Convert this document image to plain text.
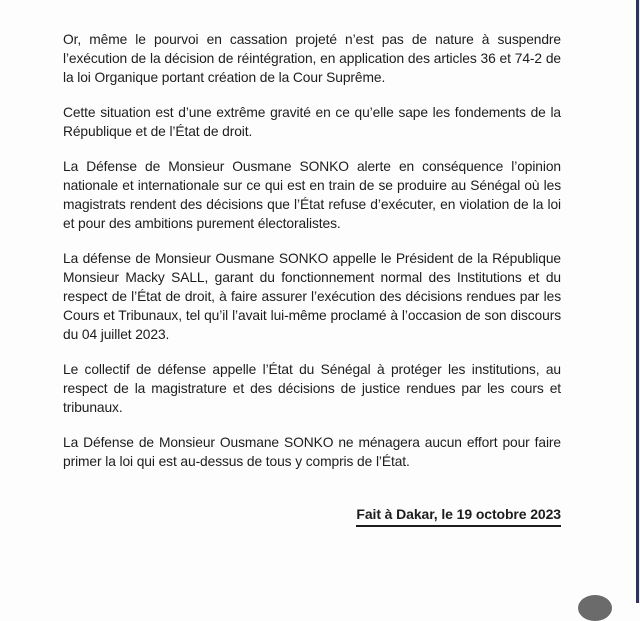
Or, même le pourvoi en cassation projeté n’est pas de nature à suspendre l’exécution de la décision de réintégration, en application des articles 36 et 74-2 de la loi Organique portant création de la Cour Suprême.

Cette situation est d’une extrême gravité en ce qu’elle sape les fondements de la République et de l’État de droit.

La Défense de Monsieur Ousmane SONKO alerte en conséquence l’opinion nationale et internationale sur ce qui est en train de se produire au Sénégal où les magistrats rendent des décisions que l’État refuse d’exécuter, en violation de la loi et pour des ambitions purement électoralistes.

La défense de Monsieur Ousmane SONKO appelle le Président de la République Monsieur Macky SALL, garant du fonctionnement normal des Institutions et du respect de l’État de droit, à faire assurer l’exécution des décisions rendues par les Cours et Tribunaux, tel qu’il l’avait lui-même proclamé à l’occasion de son discours du 04 juillet 2023.

Le collectif de défense appelle l’État du Sénégal à protéger les institutions, au respect de la magistrature et des décisions de justice rendues par les cours et tribunaux.

La Défense de Monsieur Ousmane SONKO ne ménagera aucun effort pour faire primer la loi qui est au-dessus de tous y compris de l’État.

Fait à Dakar, le 19 octobre 2023
